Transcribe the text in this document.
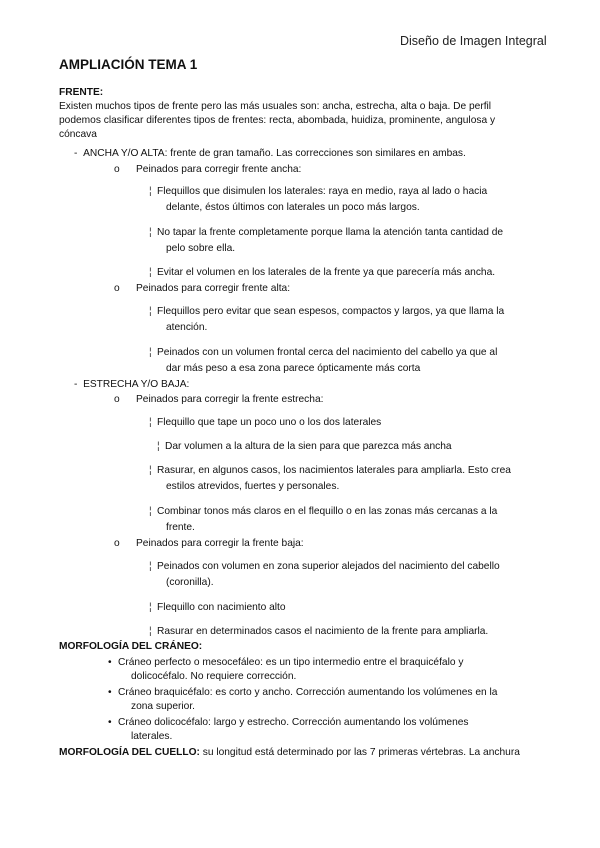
Diseño de Imagen Integral
AMPLIACIÓN TEMA 1
FRENTE:
Existen muchos tipos de frente pero las más usuales son: ancha, estrecha, alta o baja. De perfil
podemos clasificar diferentes tipos de frentes: recta, abombada, huidiza, prominente, angulosa y
cóncava
- ANCHA Y/O ALTA: frente de gran tamaño. Las correcciones son similares en ambas.
o Peinados para corregir frente ancha:
¦ Flequillos que disimulen los laterales: raya en medio, raya al lado o hacia
delante, éstos últimos con laterales un poco más largos.
¦ No tapar la frente completamente porque llama la atención tanta cantidad de
pelo sobre ella.
¦ Evitar el volumen en los laterales de la frente ya que parecería más ancha.
o Peinados para corregir frente alta:
¦ Flequillos pero evitar que sean espesos, compactos y largos, ya que llama la
atención.
¦ Peinados con un volumen frontal cerca del nacimiento del cabello ya que al
dar más peso a esa zona parece ópticamente más corta
- ESTRECHA Y/O BAJA:
o Peinados para corregir la frente estrecha:
¦ Flequillo que tape un poco uno o los dos laterales
¦ Dar volumen a la altura de la sien para que parezca más ancha
¦ Rasurar, en algunos casos, los nacimientos laterales para ampliarla. Esto crea
estilos atrevidos, fuertes y personales.
¦ Combinar tonos más claros en el flequillo o en las zonas más cercanas a la
frente.
o Peinados para corregir la frente baja:
¦ Peinados con volumen en zona superior alejados del nacimiento del cabello
(coronilla).
¦ Flequillo con nacimiento alto
¦ Rasurar en determinados casos el nacimiento de la frente para ampliarla.
MORFOLOGÍA DEL CRÁNEO:
• Cráneo perfecto o mesocefáleo: es un tipo intermedio entre el braquicéfalo y
dolicocéfalo. No requiere corrección.
• Cráneo braquicéfalo: es corto y ancho. Corrección aumentando los volúmenes en la
zona superior.
• Cráneo dolicocéfalo: largo y estrecho. Corrección aumentando los volúmenes
laterales.
MORFOLOGÍA DEL CUELLO: su longitud está determinado por las 7 primeras vértebras. La anchura
